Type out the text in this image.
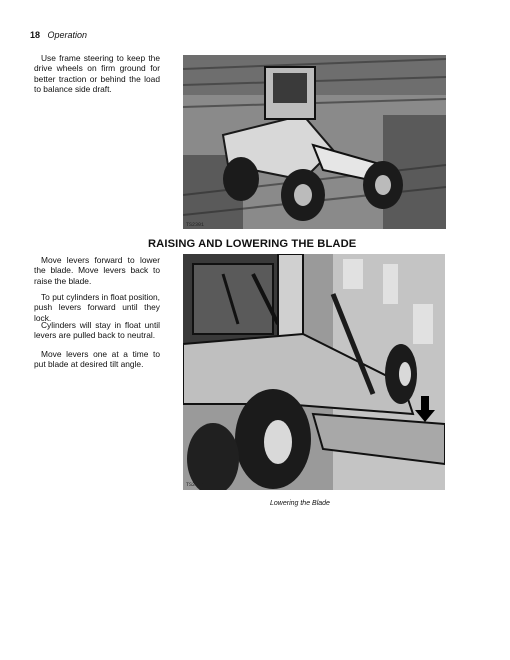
18 Operation

Use frame steering to keep the drive wheels on firm ground for better traction or behind the load to balance side draft.

TS2301
RAISING AND LOWERING THE BLADE

Move levers forward to lower the blade. Move levers back to raise the blade.

To put cylinders in float position, push levers forward until they lock.

Cylinders will stay in float until levers are pulled back to neutral.

Move levers one at a time to put blade at desired tilt angle.

TS2302
Lowering the Blade
